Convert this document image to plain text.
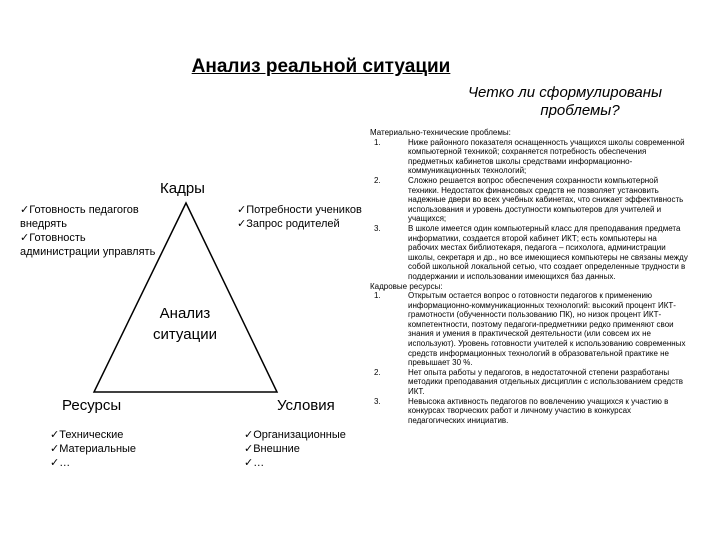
Анализ реальной ситуации
Четко ли сформулированы
проблемы?
Кадры
Анализ
ситуации
Ресурсы	Условия
✓ Готовность педагогов внедрять
✓ Готовность администрации управлять
✓ Потребности учеников
✓ Запрос родителей
✓ Технические
✓ Материальные
✓ …
✓ Организационные
✓ Внешние
✓ …
Материально-технические проблемы:
1.	Ниже районного показателя оснащенность учащихся школы современной компьютерной техникой; сохраняется потребность обеспечения предметных кабинетов школы средствами информационно-коммуникационных технологий;
2.	Сложно решается вопрос обеспечения сохранности компьютерной техники. Недостаток финансовых средств не позволяет установить надежные двери во всех учебных кабинетах, что снижает эффективность использования и уровень доступности компьютеров для учителей и учащихся;
3.	В школе имеется один компьютерный класс для преподавания предмета информатики, создается второй кабинет ИКТ; есть компьютеры на рабочих местах библиотекаря, педагога – психолога, администрации школы, секретаря и др., но все имеющиеся компьютеры не связаны между собой школьной локальной сетью, что создает определенные трудности в поддержании и использовании имеющихся баз данных.
Кадровые ресурсы:
1.	Открытым остается вопрос о готовности педагогов к применению информационно-коммуникационных технологий: высокий процент ИКТ-грамотности (обученности пользованию ПК), но низок процент ИКТ-компетентности, поэтому педагоги-предметники редко применяют свои знания и умения в практической деятельности (или совсем их не используют). Уровень готовности учителей к использованию современных средств информационных технологий в образовательной практике не превышает 30 %.
2.	Нет опыта работы у педагогов, в недостаточной степени разработаны методики преподавания отдельных дисциплин с использованием средств ИКТ.
3.	Невысока активность педагогов по вовлечению учащихся к участию в конкурсах творческих работ и личному участию в конкурсах педагогических инициатив.
